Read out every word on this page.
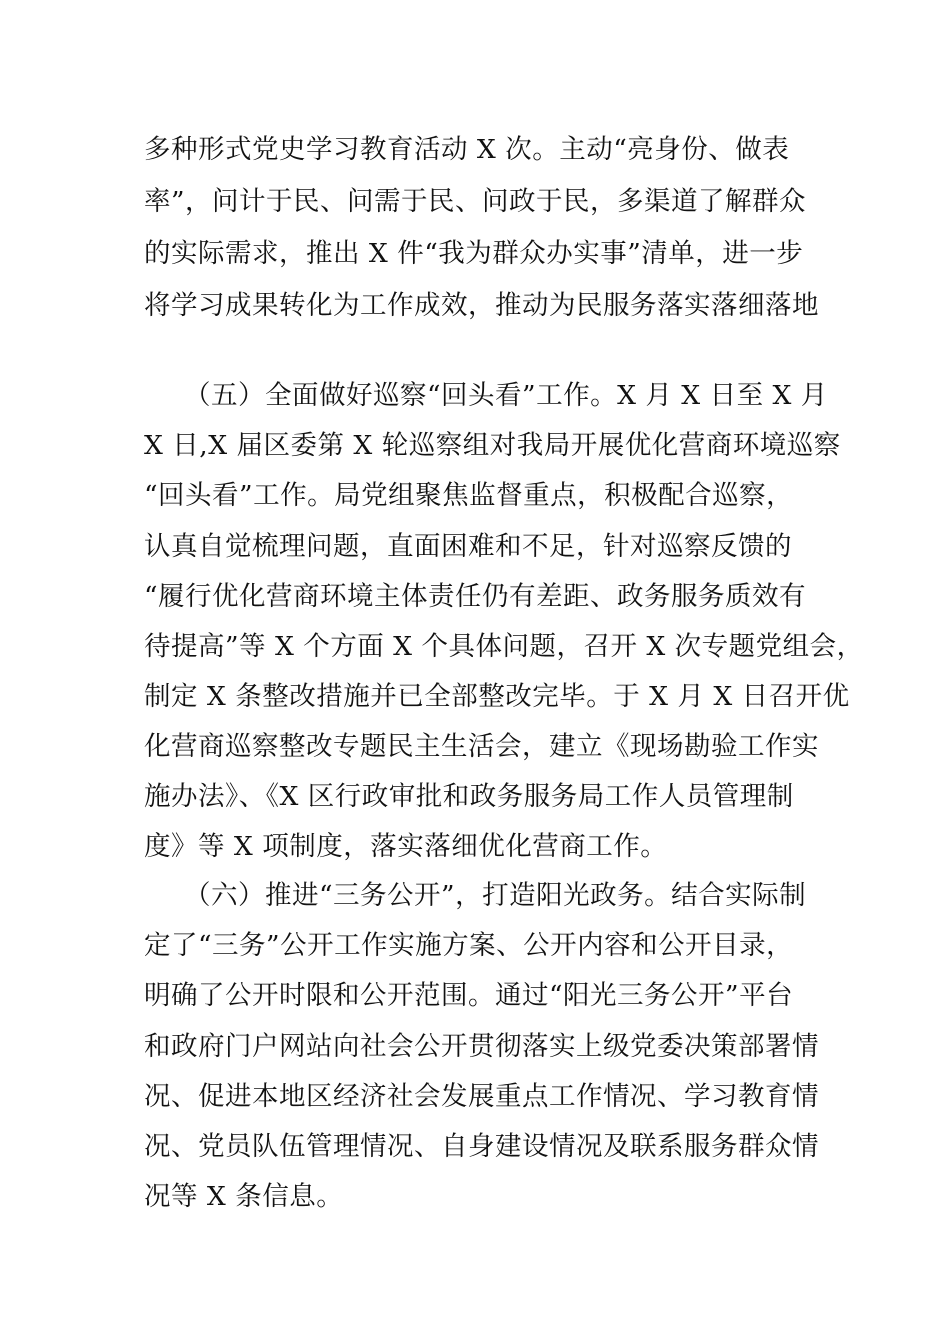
多种形式党史学习教育活动 X 次。主动“亮身份、做表
率”，问计于民、问需于民、问政于民，多渠道了解群众
的实际需求，推出 X 件“我为群众办实事”清单，进一步
将学习成果转化为工作成效，推动为民服务落实落细落地
（五）全面做好巡察“回头看”工作。X 月 X 日至 X 月
X 日,X 届区委第 X 轮巡察组对我局开展优化营商环境巡察
“回头看”工作。局党组聚焦监督重点，积极配合巡察，
认真自觉梳理问题，直面困难和不足，针对巡察反馈的
“履行优化营商环境主体责任仍有差距、政务服务质效有
待提高”等 X 个方面 X 个具体问题，召开 X 次专题党组会，
制定 X 条整改措施并已全部整改完毕。于 X 月 X 日召开优
化营商巡察整改专题民主生活会，建立《现场勘验工作实
施办法》、《X 区行政审批和政务服务局工作人员管理制
度》等 X 项制度，落实落细优化营商工作。
（六）推进“三务公开”，打造阳光政务。结合实际制
定了“三务”公开工作实施方案、公开内容和公开目录，
明确了公开时限和公开范围。通过“阳光三务公开”平台
和政府门户网站向社会公开贯彻落实上级党委决策部署情
况、促进本地区经济社会发展重点工作情况、学习教育情
况、党员队伍管理情况、自身建设情况及联系服务群众情
况等 X 条信息。
